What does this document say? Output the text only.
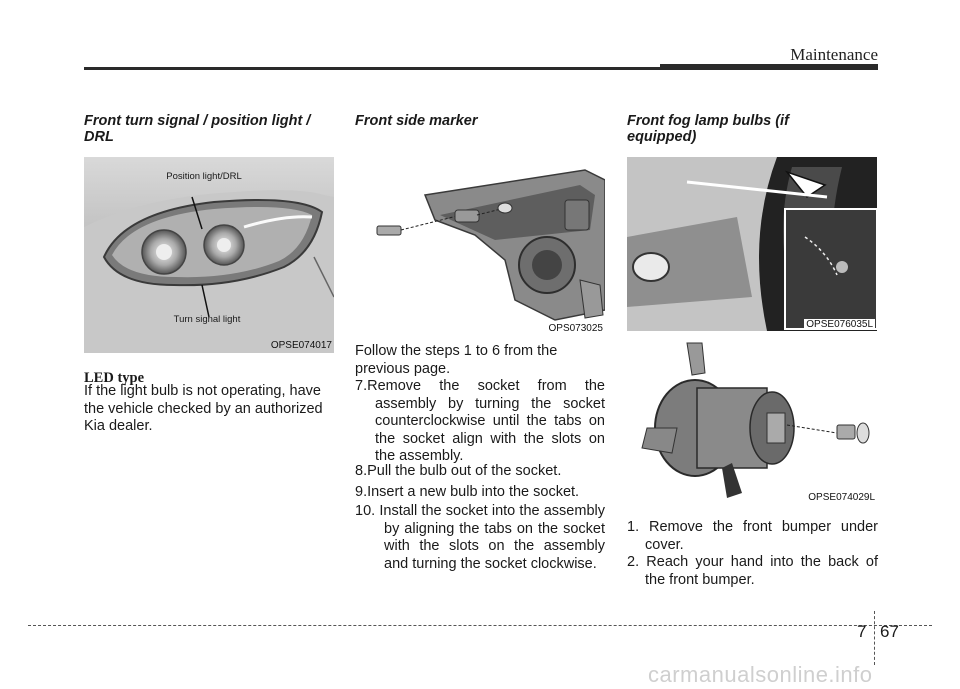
Maintenance
Front turn signal / position light / DRL
Position light/DRL
Turn signal light
OPSE074017
LED type
If the light bulb is not operating, have the vehicle checked by an authorized Kia dealer.
Front side marker
OPS073025
Follow the steps 1 to 6 from the previous page.
7.Remove the socket from the assembly by turning the socket counterclockwise until the tabs on the socket align with the slots on the assembly.
8.Pull the bulb out of the socket.
9.Insert a new bulb into the socket.
10. Install the socket into the assembly by aligning the tabs on the socket with the slots on the assembly and turning the socket clockwise.
Front fog lamp bulbs (if equipped)
OPSE076035L
OPSE074029L
1. Remove the front bumper under cover.
2. Reach your hand into the back of the front bumper.
7 67
carmanualsonline.info
